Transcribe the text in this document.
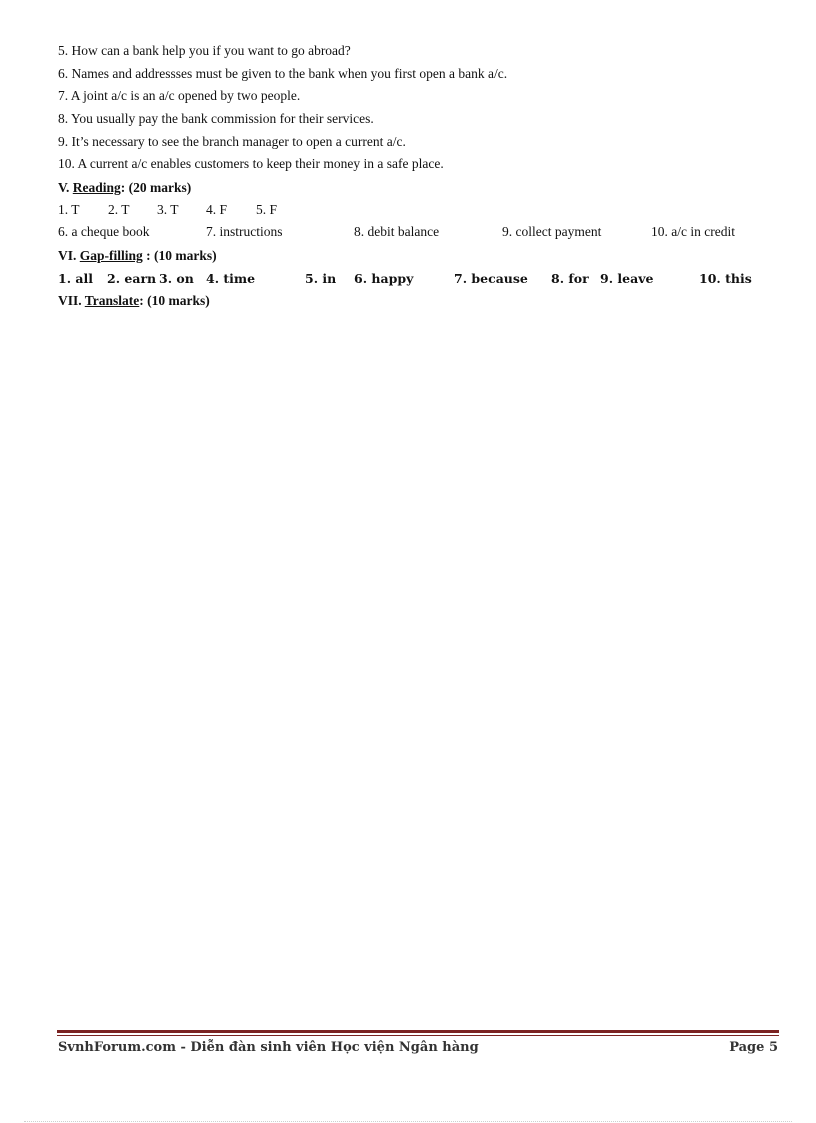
5. How can a bank help you if you want to go abroad?
6. Names and addressses must be given to the bank when you first open a bank a/c.
7. A joint a/c is an a/c opened by two people.
8. You usually pay the bank commission for their services.
9. It’s necessary to see the branch manager to open a current a/c.
10. A current a/c enables customers to keep their money in a safe place.
V. Reading: (20 marks)
1. T 2. T 3. T 4. F 5. F
6. a cheque book	7. instructions	8. debit balance	9. collect payment	10. a/c in credit
VI. Gap-filling : (10 marks)
1. all 2. earn 3. on 4. time	5. in 6. happy	7. because 8. for 9. leave	10. this
VII. Translate: (10 marks)
SvnhForum.com - Diễn đàn sinh viên Học viện Ngân hàng	Page 5
